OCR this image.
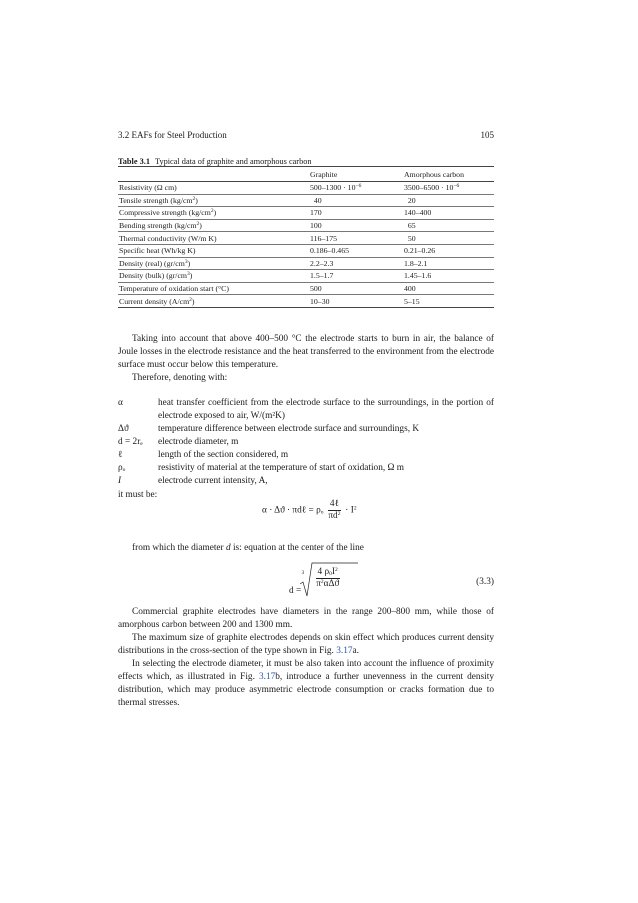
3.2 EAFs for Steel Production	105
Table 3.1 Typical data of graphite and amorphous carbon

	Graphite	Amorphous carbon
Resistivity (Ω cm)	$500-1300 \cdot 10^{-6}$	$3500-6500 \cdot 10^{-6}$
Tensile strength $(kg/cm^2)$	40	20
Compressive strength $(kg/cm^2)$	170	140–400
Bending strength $(kg/cm^2)$	100	65
Thermal conductivity (W/m K)	116–175	50
Specific heat (Wh/kg K)	0.186–0.465	0.21–0.26
Density (real) $(gr/cm^3)$	2.2–2.3	1.8–2.1
Density (bulk) $(gr/cm^3)$	1.5–1.7	1.45–1.6
Temperature of oxidation start (°C)	500	400
Current density $(A/cm^2)$	10–30	5–15
Taking into account that above 400–500 °C the electrode starts to burn in air, the balance of Joule losses in the electrode resistance and the heat transferred to the environment from the electrode surface must occur below this temperature.
Therefore, denoting with:
α	heat transfer coefficient from the electrode surface to the surroundings, in the portion of electrode exposed to air, W/(m²K)
Δϑ	temperature difference between electrode surface and surroundings, K
$d = 2r_e$	electrode diameter, m
ℓ	length of the section considered, m
$\rho_o$	resistivity of material at the temperature of start of oxidation, Ω m
I	electrode current intensity, A,
it must be:
α · Δϑ · πdℓ = $\rho_o \frac{\text{4ℓ}}{\pi d^2} \cdot I^2$
from which the diameter d is: equation at the center of the line
d =
$3 \frac{4 \rho_0I^2}{\pi^2\alpha\Delta ϑ}$	(3.3)
Commercial graphite electrodes have diameters in the range 200–800 mm, while those of amorphous carbon between 200 and 1300 mm.
The maximum size of graphite electrodes depends on skin effect which produces current density distributions in the cross-section of the type shown in Fig. 3.17a.
In selecting the electrode diameter, it must be also taken into account the influence of proximity effects which, as illustrated in Fig. 3.17b, introduce a further unevenness in the current density distribution, which may produce asymmetric electrode consumption or cracks formation due to thermal stresses.
